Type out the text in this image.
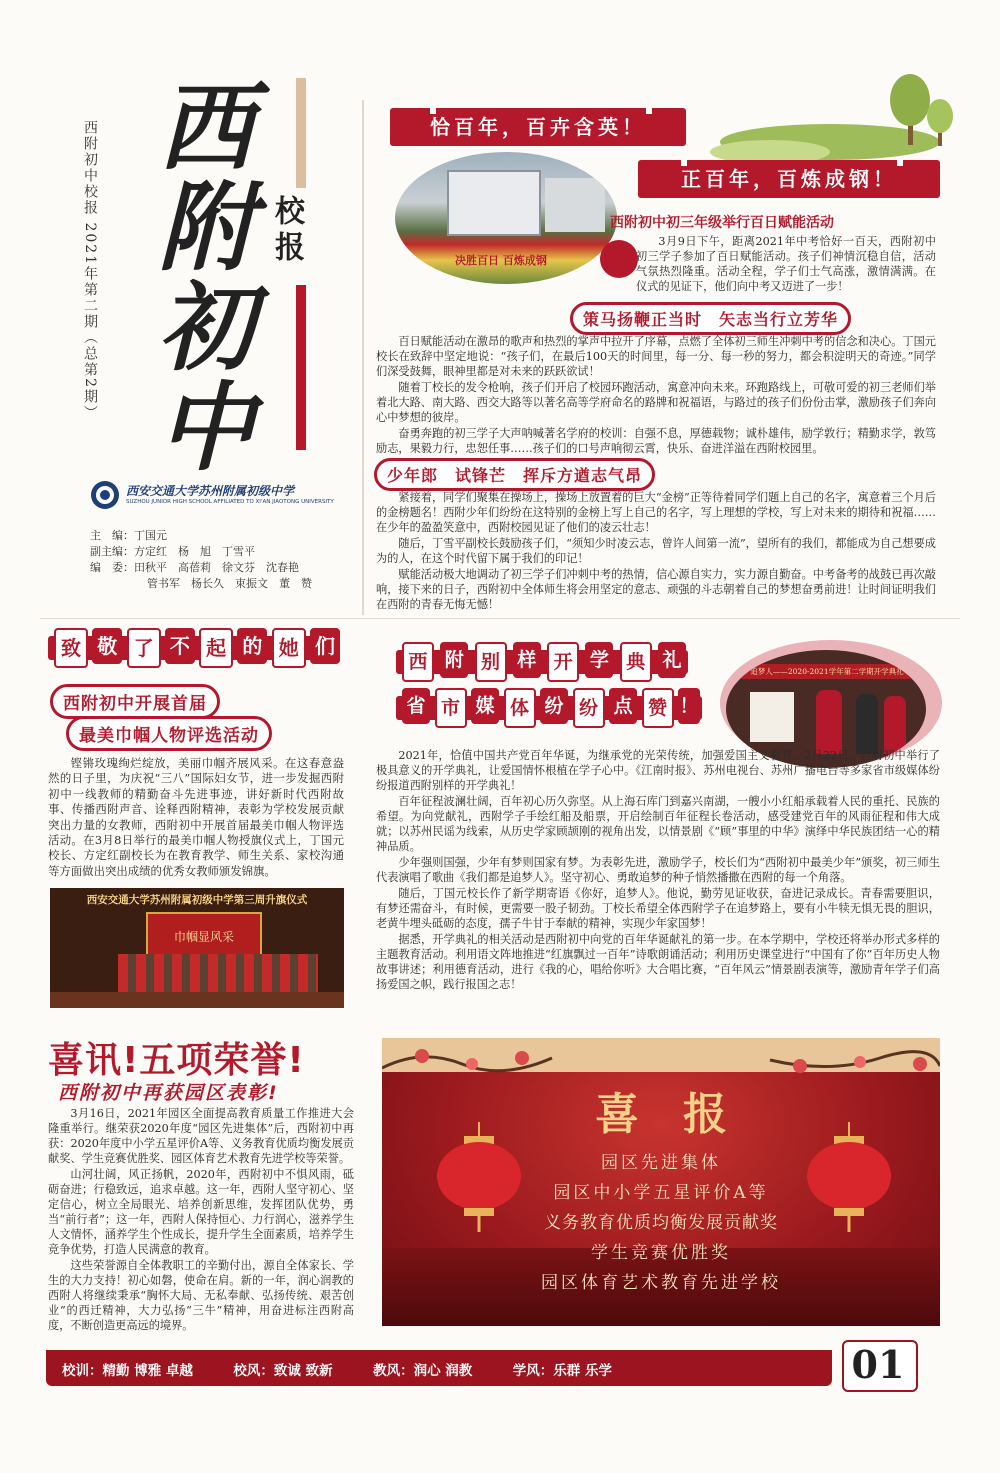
西附初中校报 2021年第二期（总第2期） 西
附
初
中
校报
西安交通大学苏州附属初级中学
SUZHOU JUNIOR HIGH SCHOOL AFFILIATED TO XI'AN JIAOTONG UNIVERSITY
主　编：丁国元
副主编：方定红　杨　旭　丁雪平
编　委：田秋平　高蓓莉　徐文芬　沈春艳
管书军　杨长久　束振文　董　赞
恰百年，百卉含英！
正百年，百炼成钢！
决胜百日 百炼成钢
西附初中初三年级举行百日赋能活动

3月9日下午，距离2021年中考恰好一百天，西附初中初三学子参加了百日赋能活动。孩子们神情沉稳自信，活动气氛热烈隆重。活动全程，学子们士气高涨，激情满满。在仪式的见证下，他们向中考又迈进了一步！

策马扬鞭正当时　矢志当行立芳华

百日赋能活动在激昂的歌声和热烈的掌声中拉开了序幕，点燃了全体初三师生冲刺中考的信念和决心。丁国元校长在致辞中坚定地说：“孩子们，在最后100天的时间里，每一分、每一秒的努力，都会积淀明天的奇迹。”同学们深受鼓舞，眼神里都是对未来的跃跃欲试！

随着丁校长的发令枪响，孩子们开启了校园环跑活动，寓意冲向未来。环跑路线上，可敬可爱的初三老师们举着北大路、南大路、西交大路等以著名高等学府命名的路牌和祝福语，与路过的孩子们份份击掌，激励孩子们奔向心中梦想的彼岸。

奋勇奔跑的初三学子大声呐喊著名学府的校训：自强不息，厚德载物；诚朴雄伟，励学敦行；精勤求学，敦笃励志，果毅力行，忠恕任事……孩子们的口号声响彻云霄，快乐、奋进洋溢在西附校园里。

少年郎　试锋芒　挥斥方遒志气昂

紧接着，同学们聚集在操场上，操场上放置着的巨大“金榜”正等待着同学们题上自己的名字，寓意着三个月后的金榜题名！西附少年们纷纷在这特别的金榜上写上自己的名字，写上理想的学校，写上对未来的期待和祝福……在少年的盈盈笑意中，西附校园见证了他们的凌云壮志！

随后，丁雪平副校长鼓励孩子们，“须知少时凌云志，曾许人间第一流”，望所有的我们，都能成为自己想要成为的人，在这个时代留下属于我们的印记！

赋能活动极大地调动了初三学子们冲刺中考的热情，信心源自实力，实力源自勤奋。中考备考的战鼓已再次敲响，接下来的日子，西附初中全体师生将会用坚定的意志、顽强的斗志朝着自己的梦想奋勇前进！让时间证明我们在西附的青春无悔无憾！

致 敬 了 不 起 的 她 们
西附初中开展首届
最美巾帼人物评选活动

铿锵玫瑰绚烂绽放，美丽巾帼齐展风采。在这春意盎然的日子里，为庆祝“三八”国际妇女节，进一步发掘西附初中一线教师的精勤奋斗先进事迹，讲好新时代西附故事、传播西附声音、诠释西附精神，表彰为学校发展贡献突出力量的女教师，西附初中开展首届最美巾帼人物评选活动。在3月8日举行的最美巾帼人物授旗仪式上，丁国元校长、方定红副校长为在教育教学、师生关系、家校沟通等方面做出突出成绩的优秀女教师颁发锦旗。

西安交通大学苏州附属初级中学第三周升旗仪式
巾帼显风采
西 附 别 样 开 学 典 礼
省 市 媒 体 纷 纷 点 赞 ！
追梦人——2020-2021学年第二学期开学典礼

2021年，恰值中国共产党百年华诞，为继承党的光荣传统，加强爱国主义教育，2月22日，西附初中举行了极具意义的开学典礼，让爱国情怀根植在学子心中。《江南时报》、苏州电视台、苏州广播电台等多家省市级媒体纷纷报道西附别样的开学典礼！

百年征程波澜壮阔，百年初心历久弥坚。从上海石库门到嘉兴南湖，一艘小小红船承载着人民的重托、民族的希望。为向党献礼，西附学子手绘红船及船票，开启绘制百年征程长卷活动，感受建党百年的风雨征程和伟大成就；以苏州民谣为线索，从历史学家顾颉刚的视角出发，以情景剧《“顾”事里的中华》演绎中华民族团结一心的精神品质。

少年强则国强，少年有梦则国家有梦。为表彰先进，激励学子，校长们为“西附初中最美少年”颁奖，初三师生代表演唱了歌曲《我们都是追梦人》。坚守初心、勇敢追梦的种子悄然播撒在西附的每一个角落。

随后，丁国元校长作了新学期寄语《你好，追梦人》。他说，勤劳见证收获，奋进记录成长。青春需要胆识，有梦还需奋斗，有时候，更需要一股子韧劲。丁校长希望全体西附学子在追梦路上，要有小牛犊无惧无畏的胆识，老黄牛埋头砥砺的态度，孺子牛甘于奉献的精神，实现少年家国梦！

据悉，开学典礼的相关活动是西附初中向党的百年华诞献礼的第一步。在本学期中，学校还将举办形式多样的主题教育活动。利用语文阵地推进“红旗飘过一百年”诗歌朗诵活动；利用历史课堂进行“中国有了你”百年历史人物故事讲述；利用德育活动，进行《我的心，唱给你听》大合唱比赛，“百年风云”情景剧表演等，激励青年学子们高扬爱国之帜，践行报国之志！

喜讯!五项荣誉!
西附初中再获园区表彰!

3月16日，2021年园区全面提高教育质量工作推进大会隆重举行。继荣获2020年度“园区先进集体”后，西附初中再获：2020年度中小学五星评价A等、义务教育优质均衡发展贡献奖、学生竞赛优胜奖、园区体育艺术教育先进学校等荣誉。

山河壮阔，风正扬帆，2020年，西附初中不惧风雨，砥砺奋进；行稳致远，追求卓越。这一年，西附人坚守初心、坚定信心，树立全局眼光、培养创新思维，发挥团队优势，勇当“前行者”；这一年，西附人保持恒心、力行润心，滋养学生人文情怀，涵养学生个性成长，提升学生全面素质，培养学生竞争优势，打造人民满意的教育。

这些荣誉源自全体教职工的辛勤付出，源自全体家长、学生的大力支持！初心如磐，使命在肩。新的一年，润心润教的西附人将继续秉承“胸怀大局、无私奉献、弘扬传统、艰苦创业”的西迁精神，大力弘扬“三牛”精神，用奋进标注西附高度，不断创造更高远的境界。

喜　报

园区先进集体

园区中小学五星评价A等

义务教育优质均衡发展贡献奖

学生竞赛优胜奖

园区体育艺术教育先进学校

校训：精勤 博雅 卓越　　　校风：致诚 致新　　　教风：润心 润教　　　学风：乐群 乐学	01
